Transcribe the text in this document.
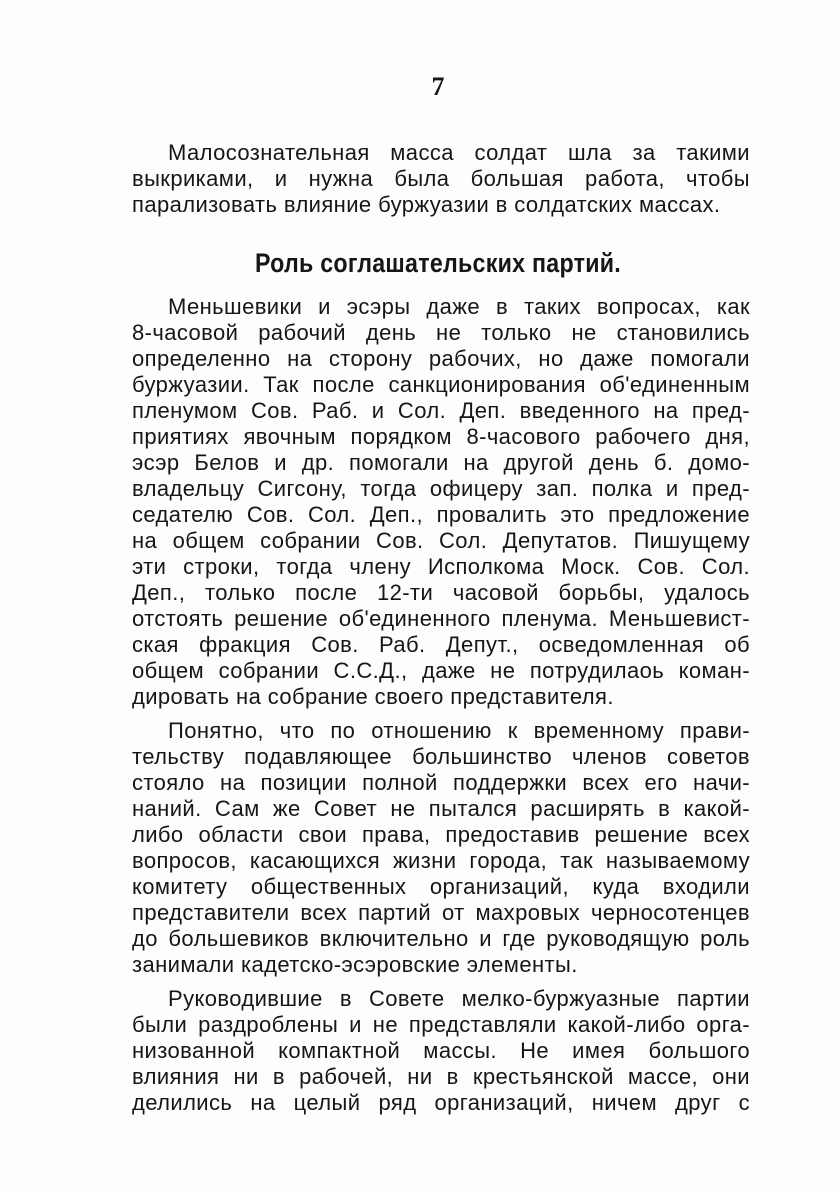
7
Малосознательная масса солдат шла за такими
выкриками, и нужна была большая работа, чтобы
парализовать влияние буржуазии в солдатских массах.
Роль соглашательских партий.
Меньшевики и эсэры даже в таких вопросах, как
8-часовой рабочий день не только не становились
определенно на сторону рабочих, но даже помогали
буржуазии. Так после санкционирования об'единенным
пленумом Сов. Раб. и Сол. Деп. введенного на пред-
приятиях явочным порядком 8-часового рабочего дня,
эсэр Белов и др. помогали на другой день б. домо-
владельцу Сигсону, тогда офицеру зап. полка и пред-
седателю Сов. Сол. Деп., провалить это предложение
на общем собрании Сов. Сол. Депутатов. Пишущему
эти строки, тогда члену Исполкома Моск. Сов. Сол.
Деп., только после 12-ти часовой борьбы, удалось
отстоять решение об'единенного пленума. Меньшевист-
ская фракция Сов. Раб. Депут., осведомленная об
общем собрании С.С.Д., даже не потрудилаоь коман-
дировать на собрание своего представителя.
Понятно, что по отношению к временному прави-
тельству подавляющее большинство членов советов
стояло на позиции полной поддержки всех его начи-
наний. Сам же Совет не пытался расширять в какой-
либо области свои права, предоставив решение всех
вопросов, касающихся жизни города, так называемому
комитету общественных организаций, куда входили
представители всех партий от махровых черносотенцев
до большевиков включительно и где руководящую роль
занимали кадетско-эсэровские элементы.
Руководившие в Совете мелко-буржуазные партии
были раздроблены и не представляли какой-либо орга-
низованной компактной массы. Не имея большого
влияния ни в рабочей, ни в крестьянской массе, они
делились на целый ряд организаций, ничем друг с
